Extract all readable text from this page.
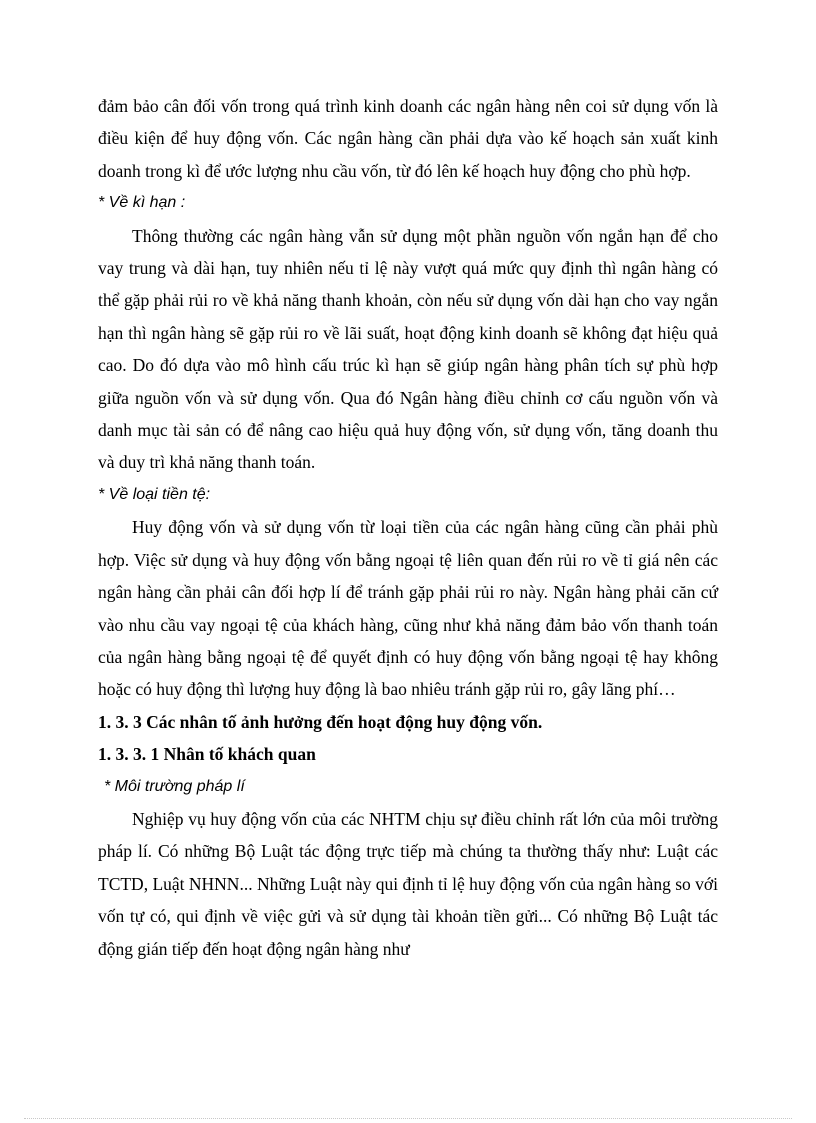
đảm bảo cân đối vốn trong quá trình kinh doanh các ngân hàng nên coi sử dụng vốn là điều kiện để huy động vốn. Các ngân hàng cần phải dựa vào kế hoạch sản xuất kinh doanh trong kì để ước lượng nhu cầu vốn, từ đó lên kế hoạch huy động cho phù hợp.

* Về kì hạn :

Thông thường các ngân hàng vẫn sử dụng một phần nguồn vốn ngắn hạn để cho vay trung và dài hạn, tuy nhiên nếu tỉ lệ này vượt quá mức quy định thì ngân hàng có thể gặp phải rủi ro về khả năng thanh khoản, còn nếu sử dụng vốn dài hạn cho vay ngắn hạn thì ngân hàng sẽ gặp rủi ro về lãi suất, hoạt động kinh doanh sẽ không đạt hiệu quả cao. Do đó dựa vào mô hình cấu trúc kì hạn sẽ giúp ngân hàng phân tích sự phù hợp giữa nguồn vốn và sử dụng vốn. Qua đó Ngân hàng điều chỉnh cơ cấu nguồn vốn và danh mục tài sản có để nâng cao hiệu quả huy động vốn, sử dụng vốn, tăng doanh thu và duy trì khả năng thanh toán.

* Về loại tiền tệ:

Huy động vốn và sử dụng vốn từ loại tiền của các ngân hàng cũng cần phải phù hợp. Việc sử dụng và huy động vốn bằng ngoại tệ liên quan đến rủi ro về tỉ giá nên các ngân hàng cần phải cân đối hợp lí để tránh gặp phải rủi ro này. Ngân hàng phải căn cứ vào nhu cầu vay ngoại tệ của khách hàng, cũng như khả năng đảm bảo vốn thanh toán của ngân hàng bằng ngoại tệ để quyết định có huy động vốn bằng ngoại tệ hay không hoặc có huy động thì lượng huy động là bao nhiêu tránh gặp rủi ro, gây lãng phí…

1. 3. 3 Các nhân tố ảnh hưởng đến hoạt động huy động vốn.

1. 3. 3. 1 Nhân tố khách quan

* Môi trường pháp lí

Nghiệp vụ huy động vốn của các NHTM chịu sự điều chỉnh rất lớn của môi trường pháp lí. Có những Bộ Luật tác động trực tiếp mà chúng ta thường thấy như: Luật các TCTD, Luật NHNN... Những Luật này qui định tỉ lệ huy động vốn của ngân hàng so với vốn tự có, qui định về việc gửi và sử dụng tài khoản tiền gửi... Có những Bộ Luật tác động gián tiếp đến hoạt động ngân hàng như
